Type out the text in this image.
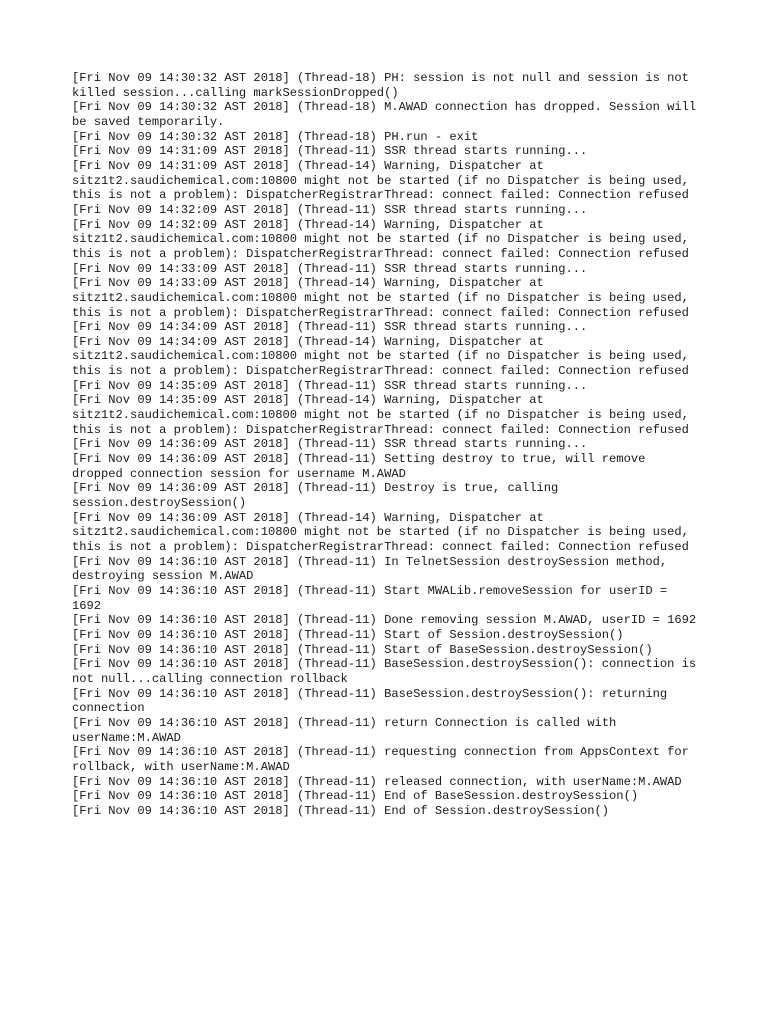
[Fri Nov 09 14:30:32 AST 2018] (Thread-18) PH: session is not null and session is not killed session...calling markSessionDropped()

[Fri Nov 09 14:30:32 AST 2018] (Thread-18) M.AWAD connection has dropped. Session will be saved temporarily.

[Fri Nov 09 14:30:32 AST 2018] (Thread-18) PH.run - exit

[Fri Nov 09 14:31:09 AST 2018] (Thread-11) SSR thread starts running...

[Fri Nov 09 14:31:09 AST 2018] (Thread-14) Warning, Dispatcher at sitz1t2.saudichemical.com:10800 might not be started (if no Dispatcher is being used, this is not a problem): DispatcherRegistrarThread: connect failed: Connection refused

[Fri Nov 09 14:32:09 AST 2018] (Thread-11) SSR thread starts running...

[Fri Nov 09 14:32:09 AST 2018] (Thread-14) Warning, Dispatcher at sitz1t2.saudichemical.com:10800 might not be started (if no Dispatcher is being used, this is not a problem): DispatcherRegistrarThread: connect failed: Connection refused

[Fri Nov 09 14:33:09 AST 2018] (Thread-11) SSR thread starts running...

[Fri Nov 09 14:33:09 AST 2018] (Thread-14) Warning, Dispatcher at sitz1t2.saudichemical.com:10800 might not be started (if no Dispatcher is being used, this is not a problem): DispatcherRegistrarThread: connect failed: Connection refused

[Fri Nov 09 14:34:09 AST 2018] (Thread-11) SSR thread starts running...

[Fri Nov 09 14:34:09 AST 2018] (Thread-14) Warning, Dispatcher at sitz1t2.saudichemical.com:10800 might not be started (if no Dispatcher is being used, this is not a problem): DispatcherRegistrarThread: connect failed: Connection refused

[Fri Nov 09 14:35:09 AST 2018] (Thread-11) SSR thread starts running...

[Fri Nov 09 14:35:09 AST 2018] (Thread-14) Warning, Dispatcher at sitz1t2.saudichemical.com:10800 might not be started (if no Dispatcher is being used, this is not a problem): DispatcherRegistrarThread: connect failed: Connection refused

[Fri Nov 09 14:36:09 AST 2018] (Thread-11) SSR thread starts running...

[Fri Nov 09 14:36:09 AST 2018] (Thread-11) Setting destroy to true, will remove dropped connection session for username M.AWAD

[Fri Nov 09 14:36:09 AST 2018] (Thread-11) Destroy is true, calling session.destroySession()

[Fri Nov 09 14:36:09 AST 2018] (Thread-14) Warning, Dispatcher at sitz1t2.saudichemical.com:10800 might not be started (if no Dispatcher is being used, this is not a problem): DispatcherRegistrarThread: connect failed: Connection refused

[Fri Nov 09 14:36:10 AST 2018] (Thread-11) In TelnetSession destroySession method, destroying session M.AWAD

[Fri Nov 09 14:36:10 AST 2018] (Thread-11) Start MWALib.removeSession for userID = 1692

[Fri Nov 09 14:36:10 AST 2018] (Thread-11) Done removing session M.AWAD, userID = 1692

[Fri Nov 09 14:36:10 AST 2018] (Thread-11) Start of Session.destroySession()

[Fri Nov 09 14:36:10 AST 2018] (Thread-11) Start of BaseSession.destroySession()

[Fri Nov 09 14:36:10 AST 2018] (Thread-11) BaseSession.destroySession(): connection is not null...calling connection rollback

[Fri Nov 09 14:36:10 AST 2018] (Thread-11) BaseSession.destroySession(): returning connection

[Fri Nov 09 14:36:10 AST 2018] (Thread-11) return Connection is called with userName:M.AWAD

[Fri Nov 09 14:36:10 AST 2018] (Thread-11) requesting connection from AppsContext for rollback, with userName:M.AWAD

[Fri Nov 09 14:36:10 AST 2018] (Thread-11) released connection, with userName:M.AWAD

[Fri Nov 09 14:36:10 AST 2018] (Thread-11) End of BaseSession.destroySession()

[Fri Nov 09 14:36:10 AST 2018] (Thread-11) End of Session.destroySession()
